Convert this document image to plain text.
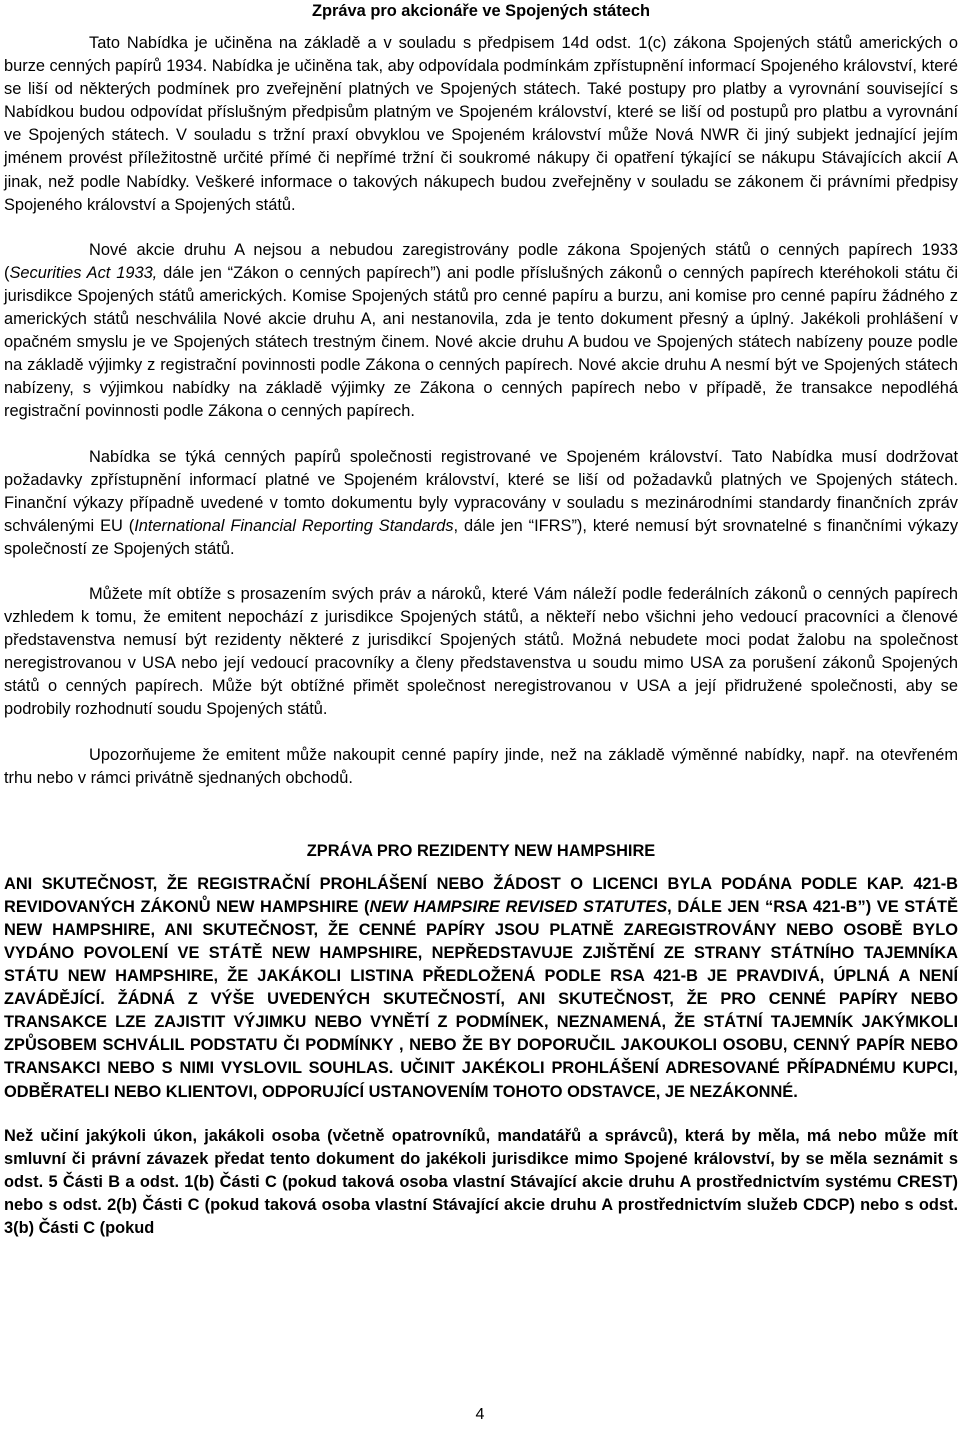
Zpráva pro akcionáře ve Spojených státech

Tato Nabídka je učiněna na základě a v souladu s předpisem 14d odst. 1(c) zákona Spojených států amerických o burze cenných papírů 1934. Nabídka je učiněna tak, aby odpovídala podmínkám zpřístupnění informací Spojeného království, které se liší od některých podmínek pro zveřejnění platných ve Spojených státech. Také postupy pro platby a vyrovnání související s Nabídkou budou odpovídat příslušným předpisům platným ve Spojeném království, které se liší od postupů pro platbu a vyrovnání ve Spojených státech. V souladu s tržní praxí obvyklou ve Spojeném království může Nová NWR či jiný subjekt jednající jejím jménem provést příležitostně určité přímé či nepřímé tržní či soukromé nákupy či opatření týkající se nákupu Stávajících akcií A jinak, než podle Nabídky. Veškeré informace o takových nákupech budou zveřejněny v souladu se zákonem či právními předpisy Spojeného království a Spojených států.

Nové akcie druhu A nejsou a nebudou zaregistrovány podle zákona Spojených států o cenných papírech 1933 (Securities Act 1933, dále jen “Zákon o cenných papírech”) ani podle příslušných zákonů o cenných papírech kteréhokoli státu či jurisdikce Spojených států amerických. Komise Spojených států pro cenné papíru a burzu, ani komise pro cenné papíru žádného z amerických států neschválila Nové akcie druhu A, ani nestanovila, zda je tento dokument přesný a úplný. Jakékoli prohlášení v opačném smyslu je ve Spojených státech trestným činem. Nové akcie druhu A budou ve Spojených státech nabízeny pouze podle na základě výjimky z registrační povinnosti podle Zákona o cenných papírech. Nové akcie druhu A nesmí být ve Spojených státech nabízeny, s výjimkou nabídky na základě výjimky ze Zákona o cenných papírech nebo v případě, že transakce nepodléhá registrační povinnosti podle Zákona o cenných papírech.

Nabídka se týká cenných papírů společnosti registrované ve Spojeném království. Tato Nabídka musí dodržovat požadavky zpřístupnění informací platné ve Spojeném království, které se liší od požadavků platných ve Spojených státech. Finanční výkazy případně uvedené v tomto dokumentu byly vypracovány v souladu s mezinárodními standardy finančních zpráv schválenými EU (International Financial Reporting Standards, dále jen “IFRS”), které nemusí být srovnatelné s finančními výkazy společností ze Spojených států.

Můžete mít obtíže s prosazením svých práv a nároků, které Vám náleží podle federálních zákonů o cenných papírech vzhledem k tomu, že emitent nepochází z jurisdikce Spojených států, a někteří nebo všichni jeho vedoucí pracovníci a členové představenstva nemusí být rezidenty některé z jurisdikcí Spojených států. Možná nebudete moci podat žalobu na společnost neregistrovanou v USA nebo její vedoucí pracovníky a členy představenstva u soudu mimo USA za porušení zákonů Spojených států o cenných papírech. Může být obtížné přimět společnost neregistrovanou v USA a její přidružené společnosti, aby se podrobily rozhodnutí soudu Spojených států.

Upozorňujeme že emitent může nakoupit cenné papíry jinde, než na základě výměnné nabídky, např. na otevřeném trhu nebo v rámci privátně sjednaných obchodů.

ZPRÁVA PRO REZIDENTY NEW HAMPSHIRE

ANI SKUTEČNOST, ŽE REGISTRAČNÍ PROHLÁŠENÍ NEBO ŽÁDOST O LICENCI BYLA PODÁNA PODLE KAP. 421-B REVIDOVANÝCH ZÁKONŮ NEW HAMPSHIRE (NEW HAMPSIRE REVISED STATUTES, DÁLE JEN “RSA 421-B”) VE STÁTĚ NEW HAMPSHIRE, ANI SKUTEČNOST, ŽE CENNÉ PAPÍRY JSOU PLATNĚ ZAREGISTROVÁNY NEBO OSOBĚ BYLO VYDÁNO POVOLENÍ VE STÁTĚ NEW HAMPSHIRE, NEPŘEDSTAVUJE ZJIŠTĚNÍ ZE STRANY STÁTNÍHO TAJEMNÍKA STÁTU NEW HAMPSHIRE, ŽE JAKÁKOLI LISTINA PŘEDLOŽENÁ PODLE RSA 421-B JE PRAVDIVÁ, ÚPLNÁ A NENÍ ZAVÁDĚJÍCÍ. ŽÁDNÁ Z VÝŠE UVEDENÝCH SKUTEČNOSTÍ, ANI SKUTEČNOST, ŽE PRO CENNÉ PAPÍRY NEBO TRANSAKCE LZE ZAJISTIT VÝJIMKU NEBO VYNĚTÍ Z PODMÍNEK, NEZNAMENÁ, ŽE STÁTNÍ TAJEMNÍK JAKÝMKOLI ZPŮSOBEM SCHVÁLIL PODSTATU ČI PODMÍNKY , NEBO ŽE BY DOPORUČIL JAKOUKOLI OSOBU, CENNÝ PAPÍR NEBO TRANSAKCI NEBO S NIMI VYSLOVIL SOUHLAS. UČINIT JAKÉKOLI PROHLÁŠENÍ ADRESOVANÉ PŘÍPADNÉMU KUPCI, ODBĚRATELI NEBO KLIENTOVI, ODPORUJÍCÍ USTANOVENÍM TOHOTO ODSTAVCE, JE NEZÁKONNÉ.

Než učiní jakýkoli úkon, jakákoli osoba (včetně opatrovníků, mandatářů a správců), která by měla, má nebo může mít smluvní či právní závazek předat tento dokument do jakékoli jurisdikce mimo Spojené království, by se měla seznámit s odst. 5 Části B a odst. 1(b) Části C (pokud taková osoba vlastní Stávající akcie druhu A prostřednictvím systému CREST) nebo s odst. 2(b) Části C (pokud taková osoba vlastní Stávající akcie druhu A prostřednictvím služeb CDCP) nebo s odst. 3(b) Části C (pokud

4
